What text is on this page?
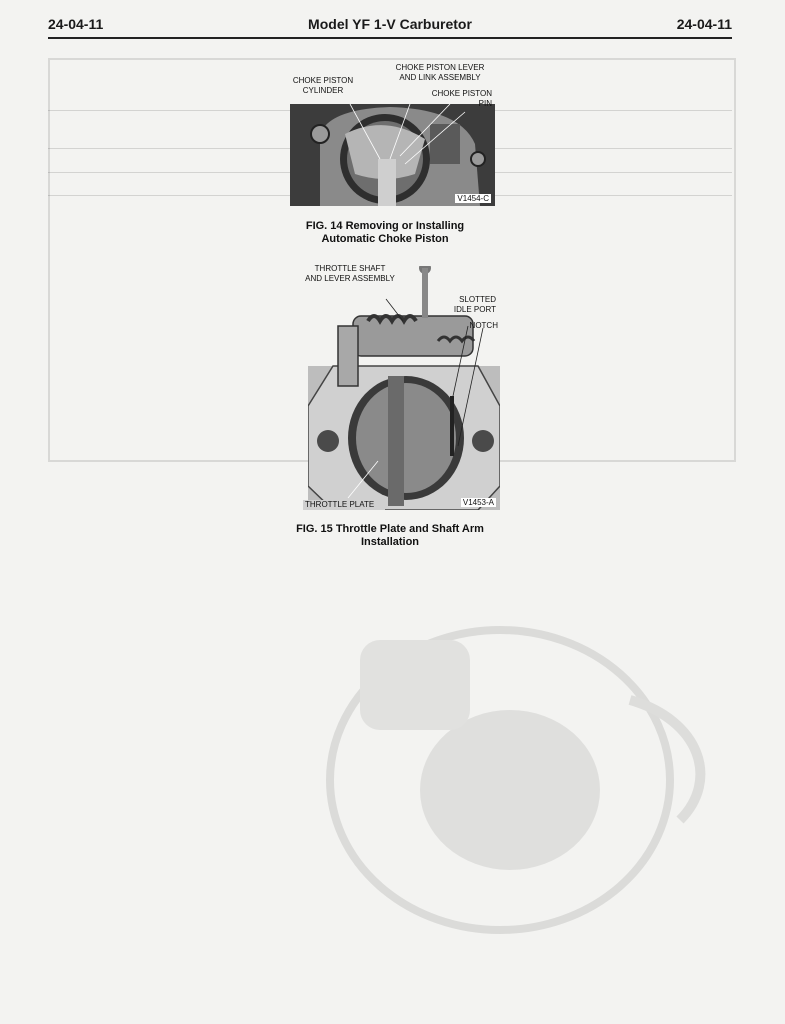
24-04-11	Model YF 1-V Carburetor	24-04-11
V1454-C
CHOKE PISTON
CYLINDER
CHOKE PISTON LEVER
AND LINK ASSEMBLY
CHOKE PISTON
PIN
FIG. 14 Removing or Installing
Automatic Choke Piston
V1453-A
THROTTLE SHAFT
AND LEVER ASSEMBLY
SLOTTED
IDLE PORT
NOTCH
THROTTLE PLATE
FIG. 15 Throttle Plate and Shaft Arm
Installation
